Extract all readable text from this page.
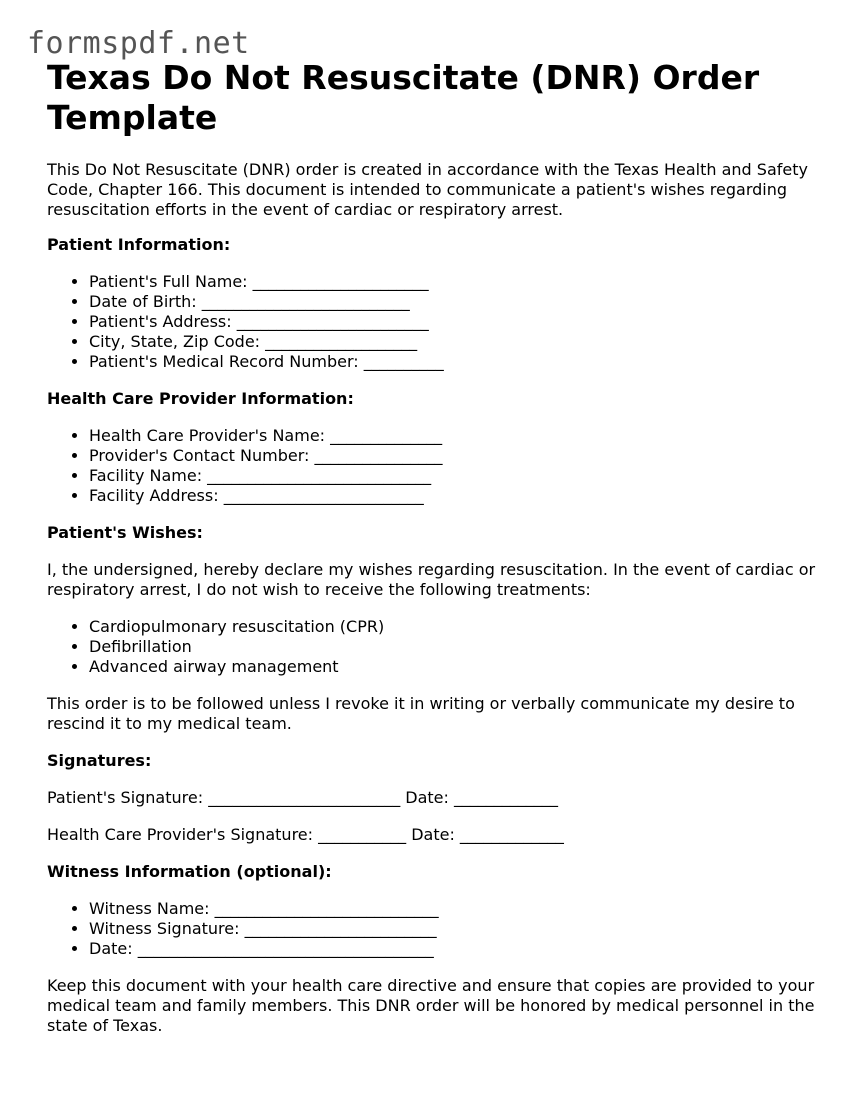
formspdf.net
Texas Do Not Resuscitate (DNR) Order Template

This Do Not Resuscitate (DNR) order is created in accordance with the Texas Health and Safety Code, Chapter 166. This document is intended to communicate a patient's wishes regarding resuscitation efforts in the event of cardiac or respiratory arrest.

Patient Information:
• Patient's Full Name: ______________________
• Date of Birth: __________________________
• Patient's Address: ________________________
• City, State, Zip Code: ___________________
• Patient's Medical Record Number: __________
Health Care Provider Information:
• Health Care Provider's Name: ______________
• Provider's Contact Number: ________________
• Facility Name: ____________________________
• Facility Address: _________________________
Patient's Wishes:

I, the undersigned, hereby declare my wishes regarding resuscitation. In the event of cardiac or respiratory arrest, I do not wish to receive the following treatments:

• Cardiopulmonary resuscitation (CPR)
• Defibrillation
• Advanced airway management

This order is to be followed unless I revoke it in writing or verbally communicate my desire to rescind it to my medical team.

Signatures:

Patient's Signature: ________________________ Date: _____________

Health Care Provider's Signature: ___________ Date: _____________

Witness Information (optional):
• Witness Name: ____________________________
• Witness Signature: ________________________
• Date: _____________________________________

Keep this document with your health care directive and ensure that copies are provided to your medical team and family members. This DNR order will be honored by medical personnel in the state of Texas.
